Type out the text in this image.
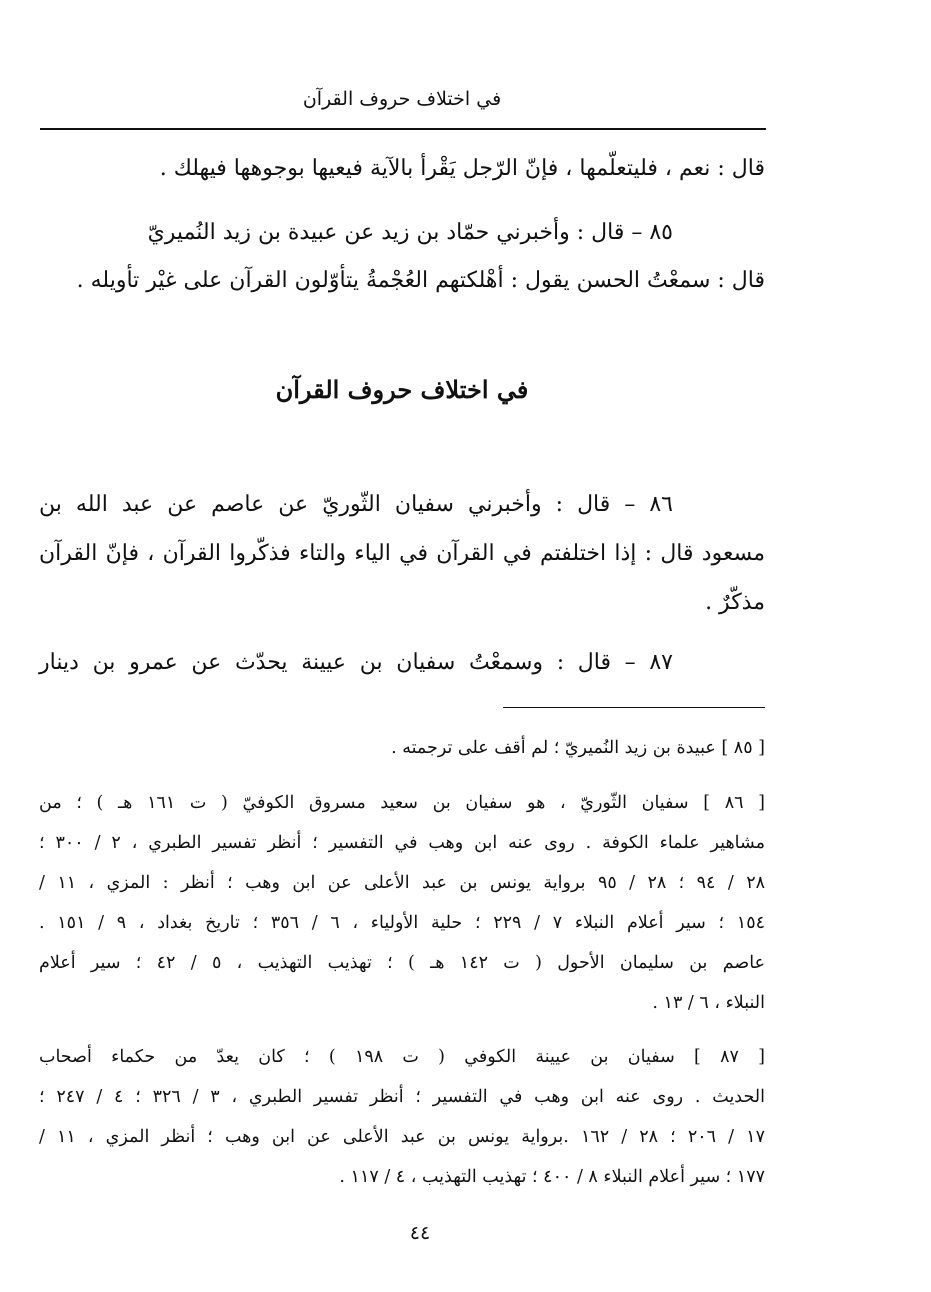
في اختلاف حروف القرآن
قال : نعم ، فليتعلّمها ، فإنّ الرّجل يَقْرأ بالآية فيعيها بوجوهها فيهلك .
٨٥ – قال : وأخبرني حمّاد بن زيد عن عبيدة بن زيد النُميريّ
قال : سمعْتُ الحسن يقول : أهْلكتهم العُجْمةُ يتأوّلون القرآن على غيْر تأويله .
في اختلاف حروف القرآن
٨٦ – قال : وأخبرني سفيان الثّوريّ عن عاصم عن عبد الله بن
مسعود قال : إذا اختلفتم في القرآن في الياء والتاء فذكّروا القرآن ، فإنّ القرآن
مذكّرٌ .
٨٧ – قال : وسمعْتُ سفيان بن عيينة يحدّث عن عمرو بن دينار
[ ٨٥ ] عبيدة بن زيد النُميريّ ؛ لم أقف على ترجمته .
[ ٨٦ ] سفيان الثّوريّ ، هو سفيان بن سعيد مسروق الكوفيّ ( ت ١٦١ هـ ) ؛ من
مشاهير علماء الكوفة . روى عنه ابن وهب في التفسير ؛ أنظر تفسير الطبري ، ٢ / ٣٠٠ ؛
٢٨ / ٩٤ ؛ ٢٨ / ٩٥ برواية يونس بن عبد الأعلى عن ابن وهب ؛ أنظر : المزي ، ١١ /
١٥٤ ؛ سير أعلام النبلاء ٧ / ٢٢٩ ؛ حلية الأولياء ، ٦ / ٣٥٦ ؛ تاريخ بغداد ، ٩ / ١٥١ .
عاصم بن سليمان الأحول ( ت ١٤٢ هـ ) ؛ تهذيب التهذيب ، ٥ / ٤٢ ؛ سير أعلام
النبلاء ، ٦ / ١٣ .
[ ٨٧ ] سفيان بن عيينة الكوفي ( ت ١٩٨ ) ؛ كان يعدّ من حكماء أصحاب
الحديث . روى عنه ابن وهب في التفسير ؛ أنظر تفسير الطبري ، ٣ / ٣٢٦ ؛ ٤ / ٢٤٧ ؛
١٧ / ٢٠٦ ؛ ٢٨ / ١٦٢ .برواية يونس بن عبد الأعلى عن ابن وهب ؛ أنظر المزي ، ١١ /
١٧٧ ؛ سير أعلام النبلاء ٨ / ٤٠٠ ؛ تهذيب التهذيب ، ٤ / ١١٧ .
٤٤
